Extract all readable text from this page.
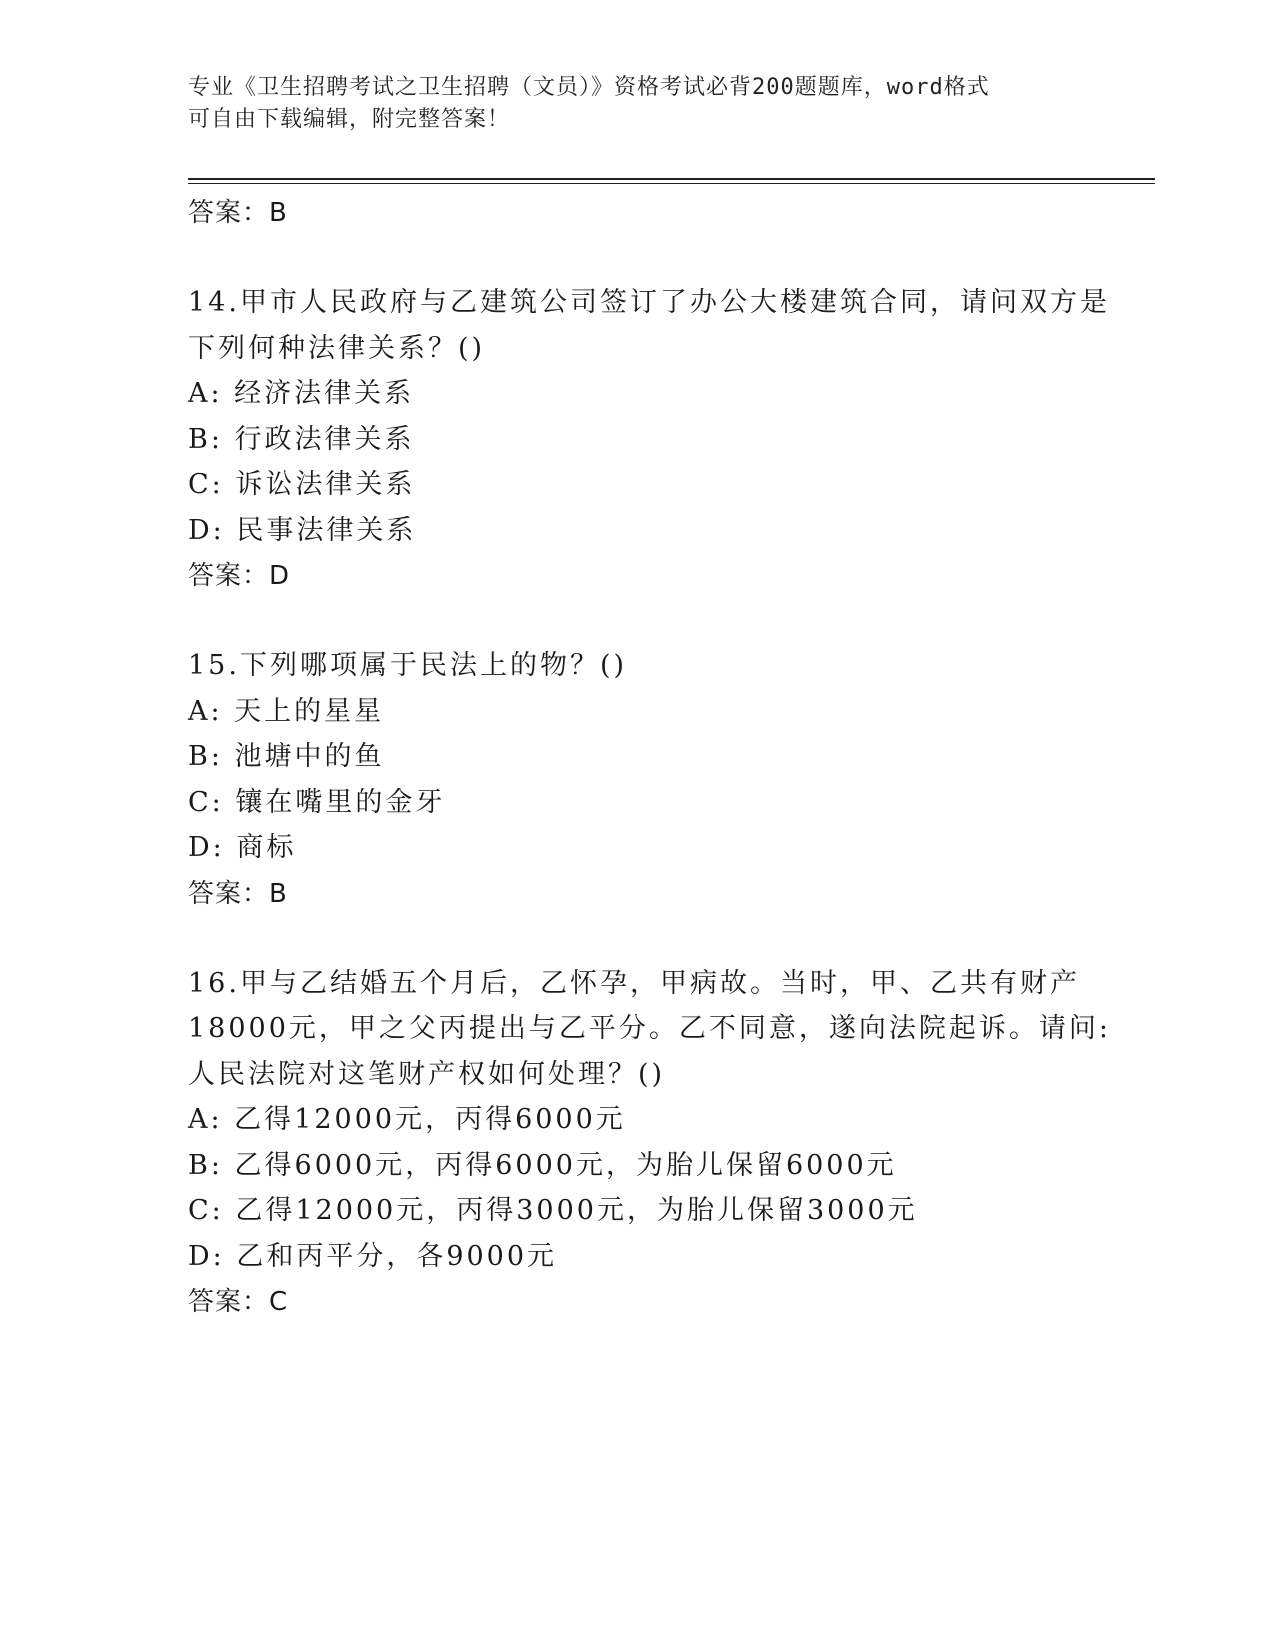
专业《卫生招聘考试之卫生招聘（文员）》资格考试必背200题题库，word格式
可自由下载编辑，附完整答案！
答案：B
14.甲市人民政府与乙建筑公司签订了办公大楼建筑合同，请问双方是
下列何种法律关系？()
A: 经济法律关系
B: 行政法律关系
C: 诉讼法律关系
D: 民事法律关系
答案：D
15.下列哪项属于民法上的物？()
A: 天上的星星
B: 池塘中的鱼
C: 镶在嘴里的金牙
D: 商标
答案：B
16.甲与乙结婚五个月后，乙怀孕，甲病故。当时，甲、乙共有财产
18000元，甲之父丙提出与乙平分。乙不同意，遂向法院起诉。请问:
人民法院对这笔财产权如何处理？()
A: 乙得12000元，丙得6000元
B: 乙得6000元，丙得6000元，为胎儿保留6000元
C: 乙得12000元，丙得3000元，为胎儿保留3000元
D: 乙和丙平分，各9000元
答案：C
